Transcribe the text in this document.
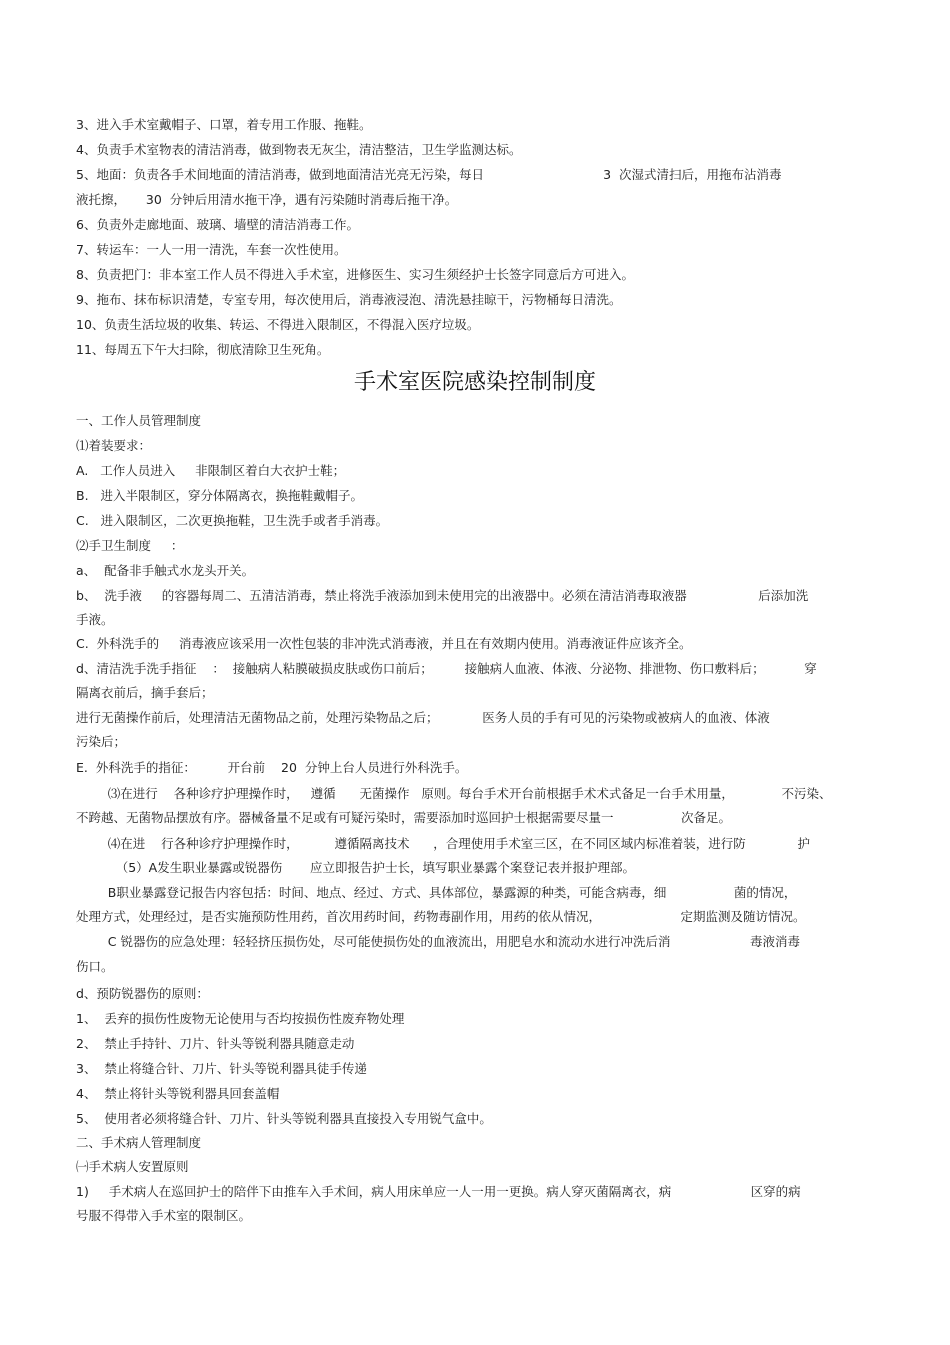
3、进入手术室戴帽子、口罩，着专用工作服、拖鞋。
4、负责手术室物表的清洁消毒，做到物表无灰尘，清洁整洁，卫生学监测达标。
5、地面：负责各手术间地面的清洁消毒，做到地面清洁光亮无污染，每日                              3  次湿式清扫后，用拖布沾消毒
液托擦，     30  分钟后用清水拖干净，遇有污染随时消毒后拖干净。
6、负责外走廊地面、玻璃、墙壁的清洁消毒工作。
7、转运车：一人一用一清洗，车套一次性使用。
8、负责把门：非本室工作人员不得进入手术室，进修医生、实习生须经护士长签字同意后方可进入。
9、拖布、抹布标识清楚，专室专用，每次使用后，消毒液浸泡、清洗悬挂晾干，污物桶每日清洗。
10、负责生活垃圾的收集、转运、不得进入限制区，不得混入医疗垃圾。
11、每周五下午大扫除，彻底清除卫生死角。
手术室医院感染控制制度
一、工作人员管理制度
⑴着装要求：
A.   工作人员进入     非限制区着白大衣护士鞋；
B.   进入半限制区，穿分体隔离衣，换拖鞋戴帽子。
C.   进入限制区，二次更换拖鞋，卫生洗手或者手消毒。
⑵手卫生制度     ：
a、  配备非手触式水龙头开关。
b、  洗手液     的容器每周二、五清洁消毒，禁止将洗手液添加到未使用完的出液器中。必须在清洁消毒取液器                  后添加洗
手液。
C.  外科洗手的     消毒液应该采用一次性包装的非冲洗式消毒液，并且在有效期内使用。消毒液证件应该齐全。
d、清洁洗手洗手指征    ：  接触病人粘膜破损皮肤或伤口前后；        接触病人血液、体液、分泌物、排泄物、伤口敷料后；          穿
隔离衣前后，摘手套后；
进行无菌操作前后，处理清洁无菌物品之前，处理污染物品之后；           医务人员的手有可见的污染物或被病人的血液、体液
污染后；
E.  外科洗手的指征：        开台前    20  分钟上台人员进行外科洗手。
⑶在进行    各种诊疗护理操作时，   遵循      无菌操作   原则。每台手术开台前根据手术术式备足一台手术用量，            不污染、
不跨越、无菌物品摆放有序。器械备量不足或有可疑污染时，需要添加时巡回护士根据需要尽量一                 次备足。
⑷在进    行各种诊疗护理操作时，         遵循隔离技术      ，合理使用手术室三区，在不同区域内标准着装，进行防             护
（5）A发生职业暴露或锐器伤       应立即报告护士长，填写职业暴露个案登记表并报护理部。
B职业暴露登记报告内容包括：时间、地点、经过、方式、具体部位，暴露源的种类，可能含病毒，细                 菌的情况，
处理方式，处理经过，是否实施预防性用药，首次用药时间，药物毒副作用，用药的依从情况，                    定期监测及随访情况。
C 锐器伤的应急处理：轻轻挤压损伤处，尽可能使损伤处的血液流出，用肥皂水和流动水进行冲洗后消                    毒液消毒
伤口。
d、预防锐器伤的原则：
1、  丢弃的损伤性废物无论使用与否均按损伤性废弃物处理
2、  禁止手持针、刀片、针头等锐利器具随意走动
3、  禁止将缝合针、刀片、针头等锐利器具徒手传递
4、  禁止将针头等锐利器具回套盖帽
5、  使用者必须将缝合针、刀片、针头等锐利器具直接投入专用锐气盒中。
二、手术病人管理制度
㈠手术病人安置原则
1)     手术病人在巡回护士的陪伴下由推车入手术间，病人用床单应一人一用一更换。病人穿灭菌隔离衣，病                    区穿的病
号服不得带入手术室的限制区。
